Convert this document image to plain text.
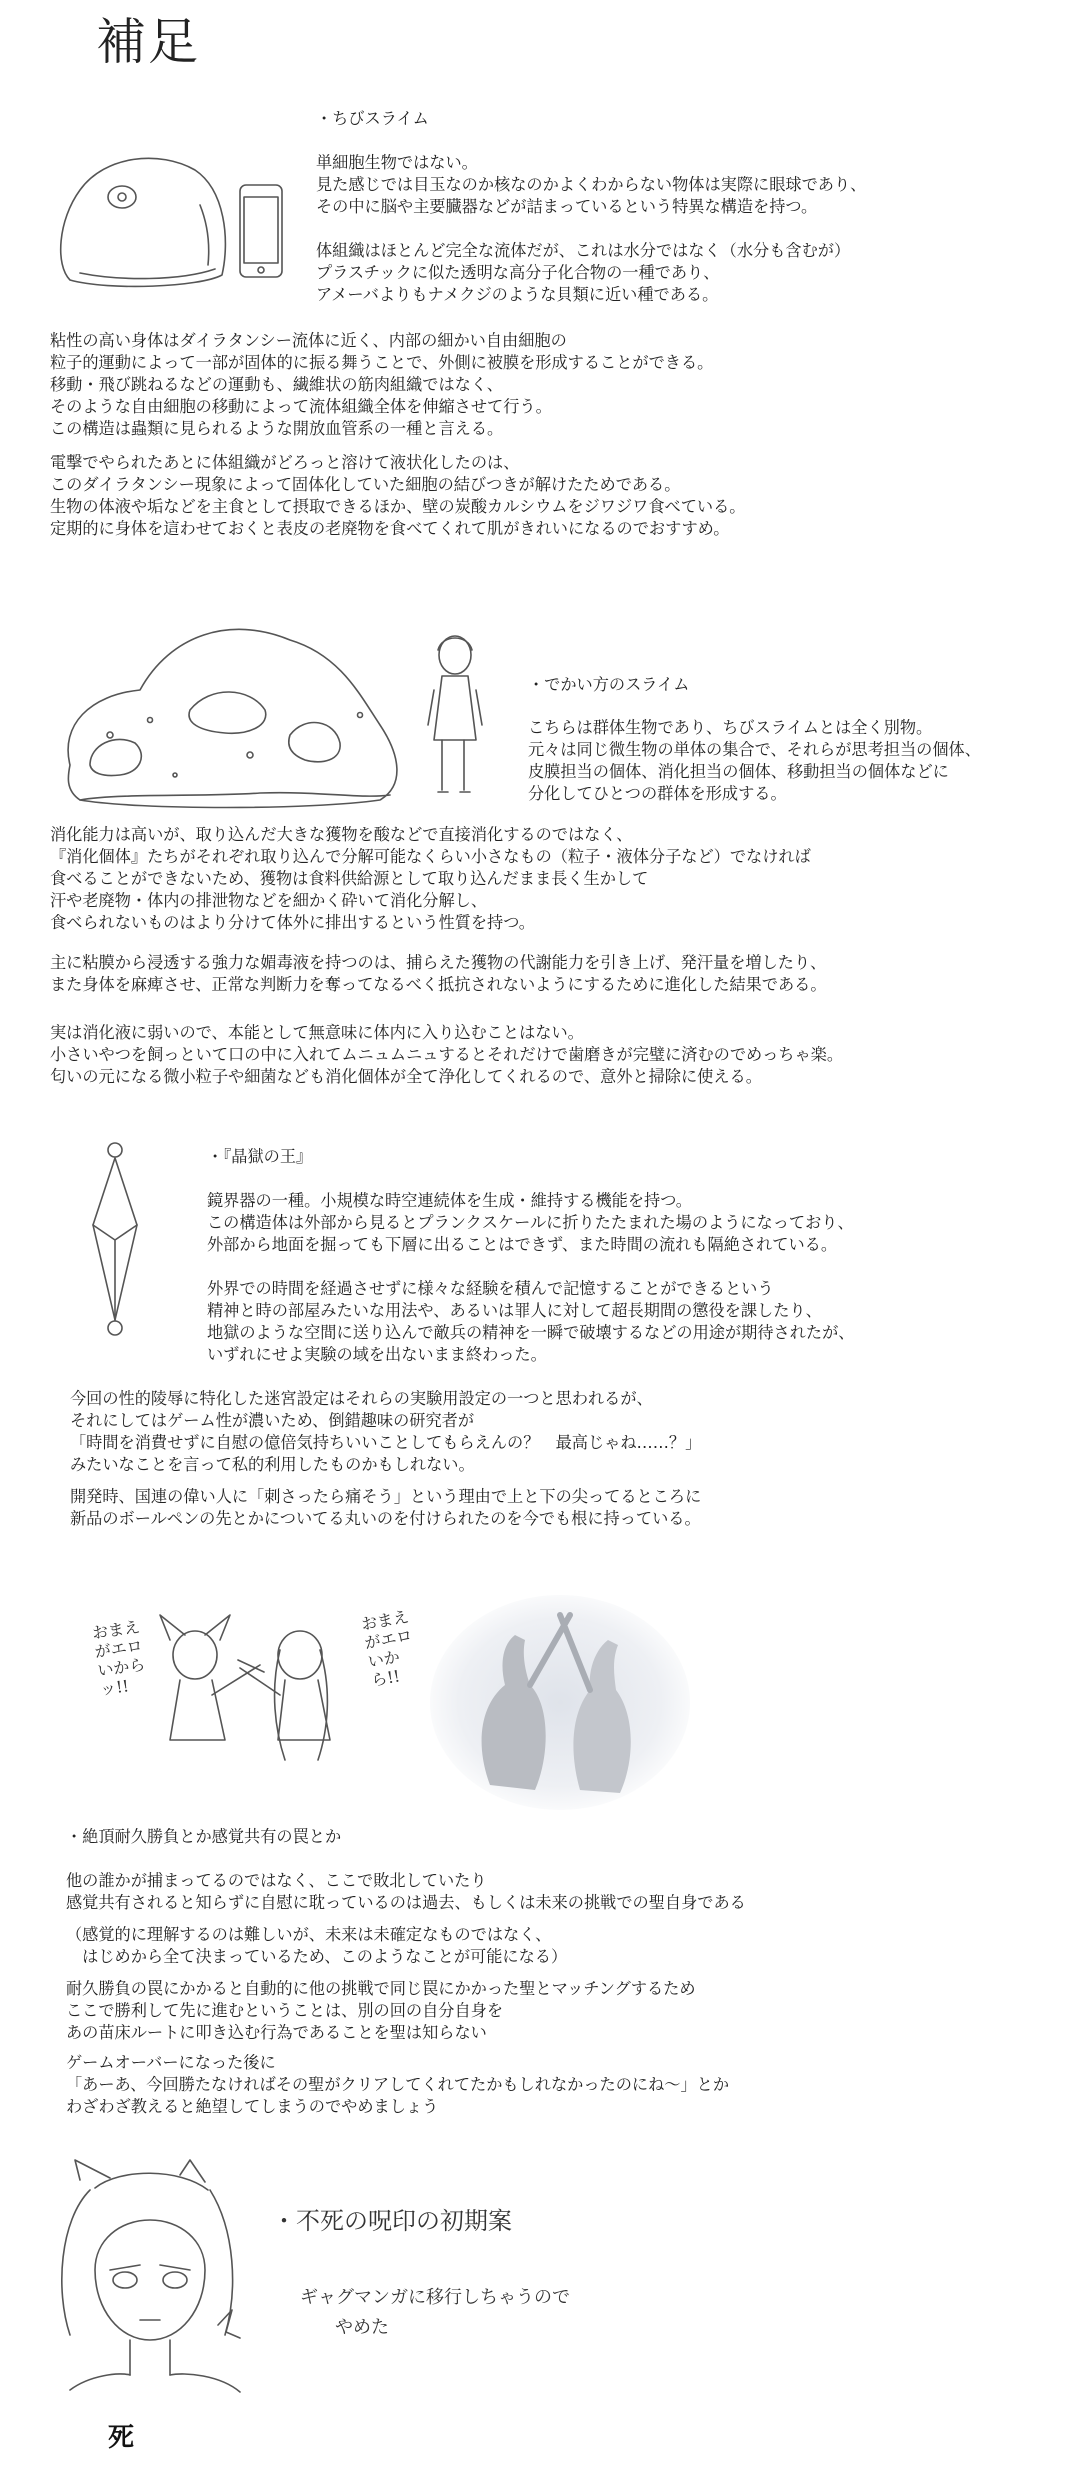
補足
・ちびスライム
単細胞生物ではない。
見た感じでは目玉なのか核なのかよくわからない物体は実際に眼球であり、
その中に脳や主要臓器などが詰まっているという特異な構造を持つ。
体組織はほとんど完全な流体だが、これは水分ではなく（水分も含むが）
プラスチックに似た透明な高分子化合物の一種であり、
アメーバよりもナメクジのような貝類に近い種である。
粘性の高い身体はダイラタンシー流体に近く、内部の細かい自由細胞の
粒子的運動によって一部が固体的に振る舞うことで、外側に被膜を形成することができる。
移動・飛び跳ねるなどの運動も、繊維状の筋肉組織ではなく、
そのような自由細胞の移動によって流体組織全体を伸縮させて行う。
この構造は蟲類に見られるような開放血管系の一種と言える。
電撃でやられたあとに体組織がどろっと溶けて液状化したのは、
このダイラタンシー現象によって固体化していた細胞の結びつきが解けたためである。
生物の体液や垢などを主食として摂取できるほか、壁の炭酸カルシウムをジワジワ食べている。
定期的に身体を這わせておくと表皮の老廃物を食べてくれて肌がきれいになるのでおすすめ。
・でかい方のスライム
こちらは群体生物であり、ちびスライムとは全く別物。
元々は同じ微生物の単体の集合で、それらが思考担当の個体、
皮膜担当の個体、消化担当の個体、移動担当の個体などに
分化してひとつの群体を形成する。
消化能力は高いが、取り込んだ大きな獲物を酸などで直接消化するのではなく、
『消化個体』たちがそれぞれ取り込んで分解可能なくらい小さなもの（粒子・液体分子など）でなければ
食べることができないため、獲物は食料供給源として取り込んだまま長く生かして
汗や老廃物・体内の排泄物などを細かく砕いて消化分解し、
食べられないものはより分けて体外に排出するという性質を持つ。
主に粘膜から浸透する強力な媚毒液を持つのは、捕らえた獲物の代謝能力を引き上げ、発汗量を増したり、
また身体を麻痺させ、正常な判断力を奪ってなるべく抵抗されないようにするために進化した結果である。
実は消化液に弱いので、本能として無意味に体内に入り込むことはない。
小さいやつを飼っといて口の中に入れてムニュムニュするとそれだけで歯磨きが完璧に済むのでめっちゃ楽。
匂いの元になる微小粒子や細菌なども消化個体が全て浄化してくれるので、意外と掃除に使える。
・『晶獄の王』
鏡界器の一種。小規模な時空連続体を生成・維持する機能を持つ。
この構造体は外部から見るとプランクスケールに折りたたまれた場のようになっており、
外部から地面を掘っても下層に出ることはできず、また時間の流れも隔絶されている。
外界での時間を経過させずに様々な経験を積んで記憶することができるという
精神と時の部屋みたいな用法や、あるいは罪人に対して超長期間の懲役を課したり、
地獄のような空間に送り込んで敵兵の精神を一瞬で破壊するなどの用途が期待されたが、
いずれにせよ実験の域を出ないまま終わった。
今回の性的陵辱に特化した迷宮設定はそれらの実験用設定の一つと思われるが、
それにしてはゲーム性が濃いため、倒錯趣味の研究者が
「時間を消費せずに自慰の億倍気持ちいいことしてもらえんの？　最高じゃね……？」
みたいなことを言って私的利用したものかもしれない。
開発時、国連の偉い人に「刺さったら痛そう」という理由で上と下の尖ってるところに
新品のボールペンの先とかについてる丸いのを付けられたのを今でも根に持っている。
おまえがエロいからッ!!
おまえがエロいから!!
・絶頂耐久勝負とか感覚共有の罠とか
他の誰かが捕まってるのではなく、ここで敗北していたり
感覚共有されると知らずに自慰に耽っているのは過去、もしくは未来の挑戦での聖自身である
（感覚的に理解するのは難しいが、未来は未確定なものではなく、
　はじめから全て決まっているため、このようなことが可能になる）
耐久勝負の罠にかかると自動的に他の挑戦で同じ罠にかかった聖とマッチングするため
ここで勝利して先に進むということは、別の回の自分自身を
あの苗床ルートに叩き込む行為であることを聖は知らない
ゲームオーバーになった後に
「あーあ、今回勝たなければその聖がクリアしてくれてたかもしれなかったのにね～」とか
わざわざ教えると絶望してしまうのでやめましょう
死
・不死の呪印の初期案
ギャグマンガに移行しちゃうので
やめた
